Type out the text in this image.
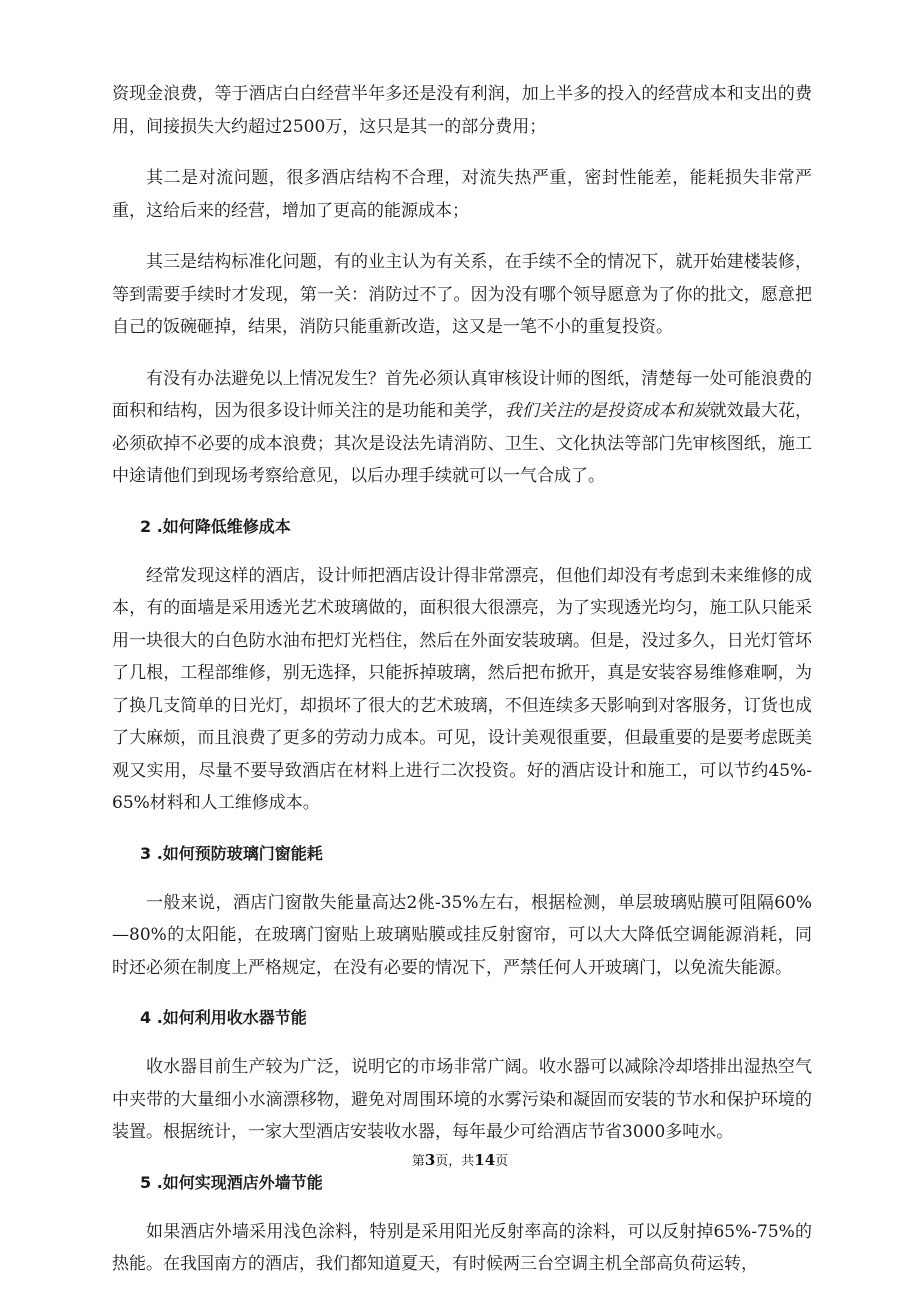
资现金浪费，等于酒店白白经营半年多还是没有利润，加上半多的投入的经营成本和支出的费用，间接损失大约超过2500万，这只是其一的部分费用；

其二是对流问题，很多酒店结构不合理，对流失热严重，密封性能差，能耗损失非常严重，这给后来的经营，增加了更高的能源成本；

其三是结构标准化问题，有的业主认为有关系，在手续不全的情况下，就开始建楼装修，等到需要手续时才发现，第一关：消防过不了。因为没有哪个领导愿意为了你的批文，愿意把自己的饭碗砸掉，结果，消防只能重新改造，这又是一笔不小的重复投资。

有没有办法避免以上情况发生？首先必须认真审核设计师的图纸，清楚每一处可能浪费的面积和结构，因为很多设计师关注的是功能和美学，我们关注的是投资成本和炭就效最大花，必须砍掉不必要的成本浪费；其次是设法先请消防、卫生、文化执法等部门先审核图纸，施工中途请他们到现场考察给意见，以后办理手续就可以一气合成了。

2 .如何降低维修成本

经常发现这样的酒店，设计师把酒店设计得非常漂亮，但他们却没有考虑到未来维修的成本，有的面墙是采用透光艺术玻璃做的，面积很大很漂亮，为了实现透光均匀，施工队只能采用一块很大的白色防水油布把灯光档住，然后在外面安装玻璃。但是，没过多久，日光灯管坏了几根，工程部维修，别无选择，只能拆掉玻璃，然后把布掀开，真是安装容易维修难啊，为了换几支简单的日光灯，却损坏了很大的艺术玻璃，不但连续多天影响到对客服务，订货也成了大麻烦，而且浪费了更多的劳动力成本。可见，设计美观很重要，但最重要的是要考虑既美观又实用，尽量不要导致酒店在材料上进行二次投资。好的酒店设计和施工，可以节约45%-65%材料和人工维修成本。

3 .如何预防玻璃门窗能耗

一般来说，酒店门窗散失能量高达2佻-35%左右，根据检测，单层玻璃贴膜可阻隔60%—80%的太阳能，在玻璃门窗贴上玻璃贴膜或挂反射窗帘，可以大大降低空调能源消耗，同时还必须在制度上严格规定，在没有必要的情况下，严禁任何人开玻璃门，以免流失能源。

4 .如何利用收水器节能

收水器目前生产较为广泛，说明它的市场非常广阔。收水器可以减除冷却塔排出湿热空气中夹带的大量细小水滴漂移物，避免对周围环境的水雾污染和凝固而安装的节水和保护环境的装置。根据统计，一家大型酒店安装收水器，每年最少可给酒店节省3000多吨水。

5 .如何实现酒店外墙节能

如果酒店外墙采用浅色涂料，特别是采用阳光反射率高的涂料，可以反射掉65%-75%的热能。在我国南方的酒店，我们都知道夏天，有时候两三台空调主机全部高负荷运转，

第3页，共14页
